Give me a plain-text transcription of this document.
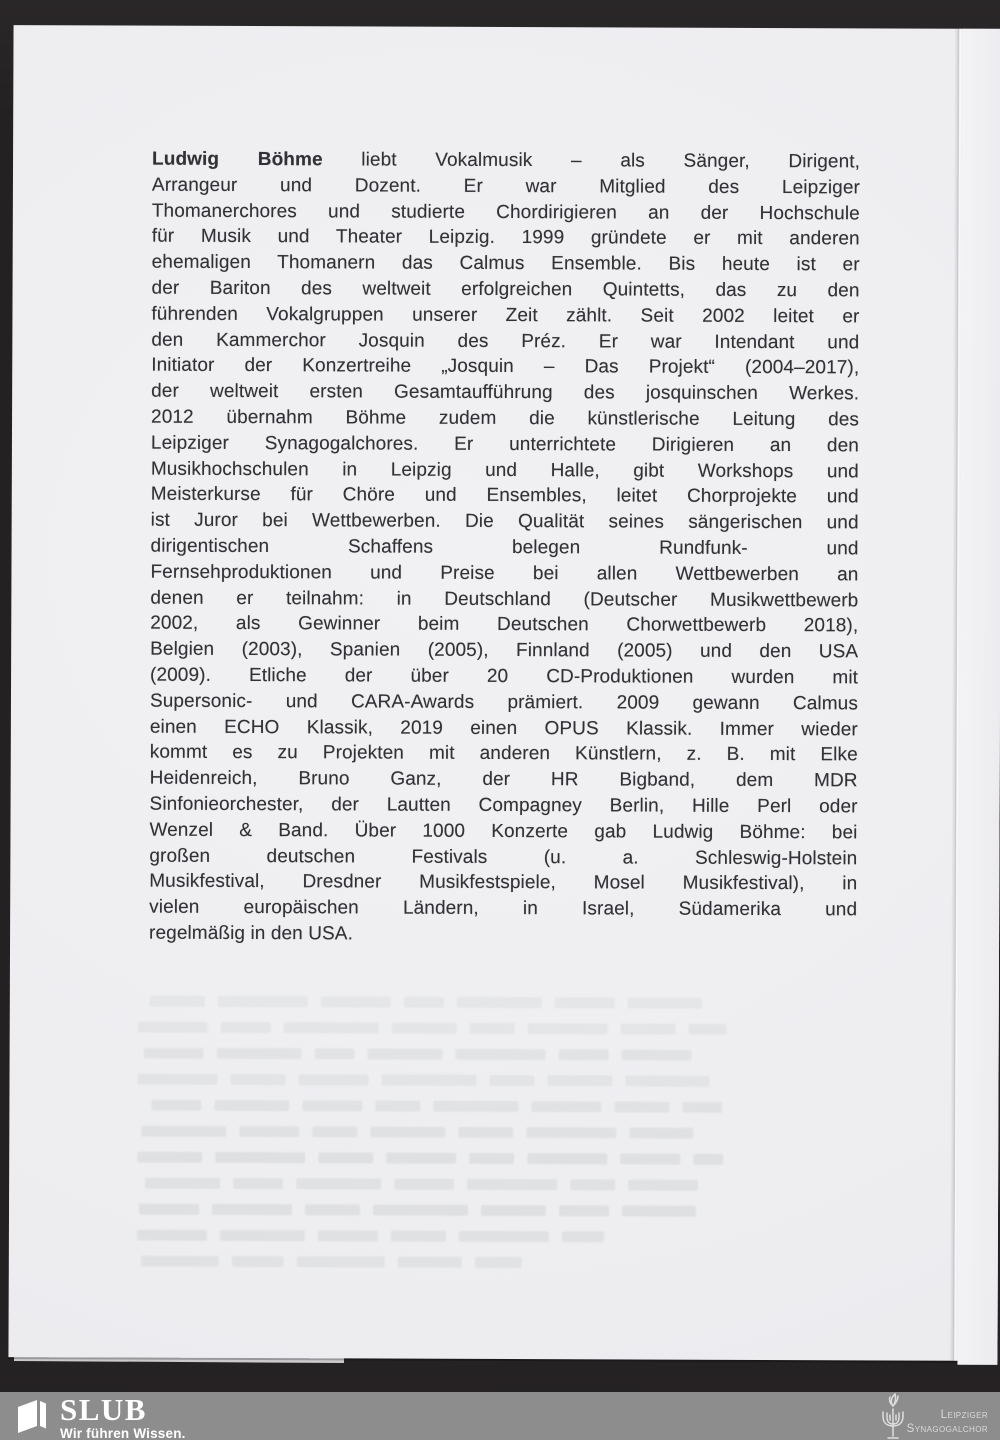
Ludwig Böhme liebt Vokalmusik – als Sänger, Dirigent,
Arrangeur und Dozent. Er war Mitglied des Leipziger
Thomanerchores und studierte Chordirigieren an der Hochschule
für Musik und Theater Leipzig. 1999 gründete er mit anderen
ehemaligen Thomanern das Calmus Ensemble. Bis heute ist er
der Bariton des weltweit erfolgreichen Quintetts, das zu den
führenden Vokalgruppen unserer Zeit zählt. Seit 2002 leitet er
den Kammerchor Josquin des Préz. Er war Intendant und
Initiator der Konzertreihe „Josquin – Das Projekt“ (2004–2017),
der weltweit ersten Gesamtaufführung des josquinschen Werkes.
2012 übernahm Böhme zudem die künstlerische Leitung des
Leipziger Synagogalchores. Er unterrichtete Dirigieren an den
Musikhochschulen in Leipzig und Halle, gibt Workshops und
Meisterkurse für Chöre und Ensembles, leitet Chorprojekte und
ist Juror bei Wettbewerben. Die Qualität seines sängerischen und
dirigentischen Schaffens belegen Rundfunk- und
Fernsehproduktionen und Preise bei allen Wettbewerben an
denen er teilnahm: in Deutschland (Deutscher Musikwettbewerb
2002, als Gewinner beim Deutschen Chorwettbewerb 2018),
Belgien (2003), Spanien (2005), Finnland (2005) und den USA
(2009). Etliche der über 20 CD-Produktionen wurden mit
Supersonic- und CARA-Awards prämiert. 2009 gewann Calmus
einen ECHO Klassik, 2019 einen OPUS Klassik. Immer wieder
kommt es zu Projekten mit anderen Künstlern, z. B. mit Elke
Heidenreich, Bruno Ganz, der HR Bigband, dem MDR
Sinfonieorchester, der Lautten Compagney Berlin, Hille Perl oder
Wenzel & Band. Über 1000 Konzerte gab Ludwig Böhme: bei
großen deutschen Festivals (u. a. Schleswig-Holstein
Musikfestival, Dresdner Musikfestspiele, Mosel Musikfestival), in
vielen europäischen Ländern, in Israel, Südamerika und
regelmäßig in den USA.
SLUB
Wir führen Wissen.
Leipziger
Synagogalchor
